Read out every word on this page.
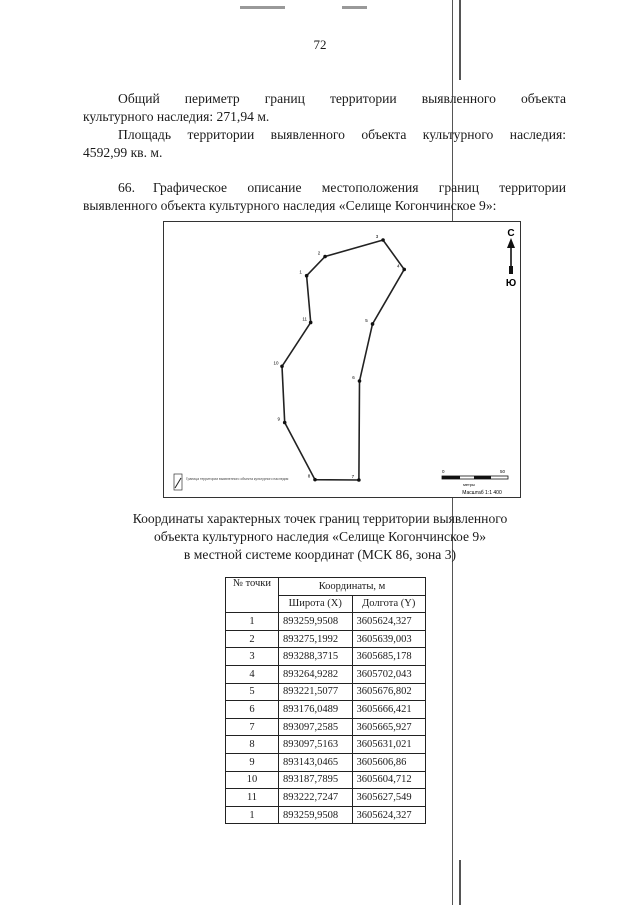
72
Общий периметр границ территории выявленного объекта
культурного наследия: 271,94 м.
Площадь территории выявленного объекта культурного наследия:
4592,99 кв. м.
66.	Графическое описание местоположения границ территории
выявленного объекта культурного наследия «Селище Когончинское 9»:
1
2
3
4
5
6
7
8
9
10
11
С
Ю
0	50
метры
Масштаб 1:1 400
Граница территории выявленного объекта культурного наследия
Координаты характерных точек границ территории выявленного
объекта культурного наследия «Селище Когончинское 9»
в местной системе координат (МСК 86, зона 3)
№ точки	Координаты, м	
	Широта (X)	Долгота (Y)
1	893259,9508	3605624,327
2	893275,1992	3605639,003
3	893288,3715	3605685,178
4	893264,9282	3605702,043
5	893221,5077	3605676,802
6	893176,0489	3605666,421
7	893097,2585	3605665,927
8	893097,5163	3605631,021
9	893143,0465	3605606,86
10	893187,7895	3605604,712
11	893222,7247	3605627,549
1	893259,9508	3605624,327
